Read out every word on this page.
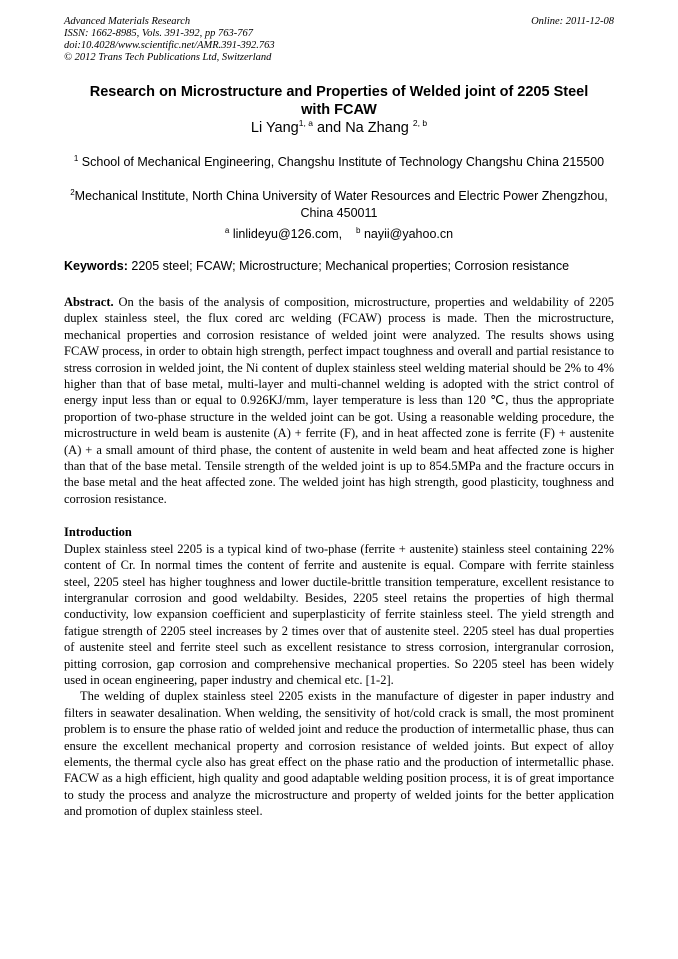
Advanced Materials Research
ISSN: 1662-8985, Vols. 391-392, pp 763-767
doi:10.4028/www.scientific.net/AMR.391-392.763
© 2012 Trans Tech Publications Ltd, Switzerland
Online: 2011-12-08
Research on Microstructure and Properties of Welded joint of 2205 Steel
with FCAW
Li Yang$^{1, a}$ and Na Zhang $^{2, b}$
$^1$ School of Mechanical Engineering, Changshu Institute of Technology Changshu China 215500
$^2$Mechanical Institute, North China University of Water Resources and Electric Power Zhengzhou,
China 450011
$^a$ linlideyu@126.com, $^b$ nayii@yahoo.cn
Keywords: 2205 steel; FCAW; Microstructure; Mechanical properties; Corrosion resistance
Abstract. On the basis of the analysis of composition, microstructure, properties and weldability of 2205 duplex stainless steel, the flux cored arc welding (FCAW) process is made. Then the microstructure, mechanical properties and corrosion resistance of welded joint were analyzed. The results shows using FCAW process, in order to obtain high strength, perfect impact toughness and overall and partial resistance to stress corrosion in welded joint, the Ni content of duplex stainless steel welding material should be 2% to 4% higher than that of base metal, multi-layer and multi-channel welding is adopted with the strict control of energy input less than or equal to 0.926KJ/mm, layer temperature is less than 120 ℃, thus the appropriate proportion of two-phase structure in the welded joint can be got. Using a reasonable welding procedure, the microstructure in weld beam is austenite (A) + ferrite (F), and in heat affected zone is ferrite (F) + austenite (A) + a small amount of third phase, the content of austenite in weld beam and heat affected zone is higher than that of the base metal. Tensile strength of the welded joint is up to 854.5MPa and the fracture occurs in the base metal and the heat affected zone. The welded joint has high strength, good plasticity, toughness and corrosion resistance.
Introduction
Duplex stainless steel 2205 is a typical kind of two-phase (ferrite + austenite) stainless steel containing 22% content of Cr. In normal times the content of ferrite and austenite is equal. Compare with ferrite stainless steel, 2205 steel has higher toughness and lower ductile-brittle transition temperature, excellent resistance to intergranular corrosion and good weldabilty. Besides, 2205 steel retains the properties of high thermal conductivity, low expansion coefficient and superplasticity of ferrite stainless steel. The yield strength and fatigue strength of 2205 steel increases by 2 times over that of austenite steel. 2205 steel has dual properties of austenite steel and ferrite steel such as excellent resistance to stress corrosion, intergranular corrosion, pitting corrosion, gap corrosion and comprehensive mechanical properties. So 2205 steel has been widely used in ocean engineering, paper industry and chemical etc. [1-2].
The welding of duplex stainless steel 2205 exists in the manufacture of digester in paper industry and filters in seawater desalination. When welding, the sensitivity of hot/cold crack is small, the most prominent problem is to ensure the phase ratio of welded joint and reduce the production of intermetallic phase, thus can ensure the excellent mechanical property and corrosion resistance of welded joints. But expect of alloy elements, the thermal cycle also has great effect on the phase ratio and the production of intermetallic phase. FACW as a high efficient, high quality and good adaptable welding position process, it is of great importance to study the process and analyze the microstructure and property of welded joints for the better application and promotion of duplex stainless steel.
